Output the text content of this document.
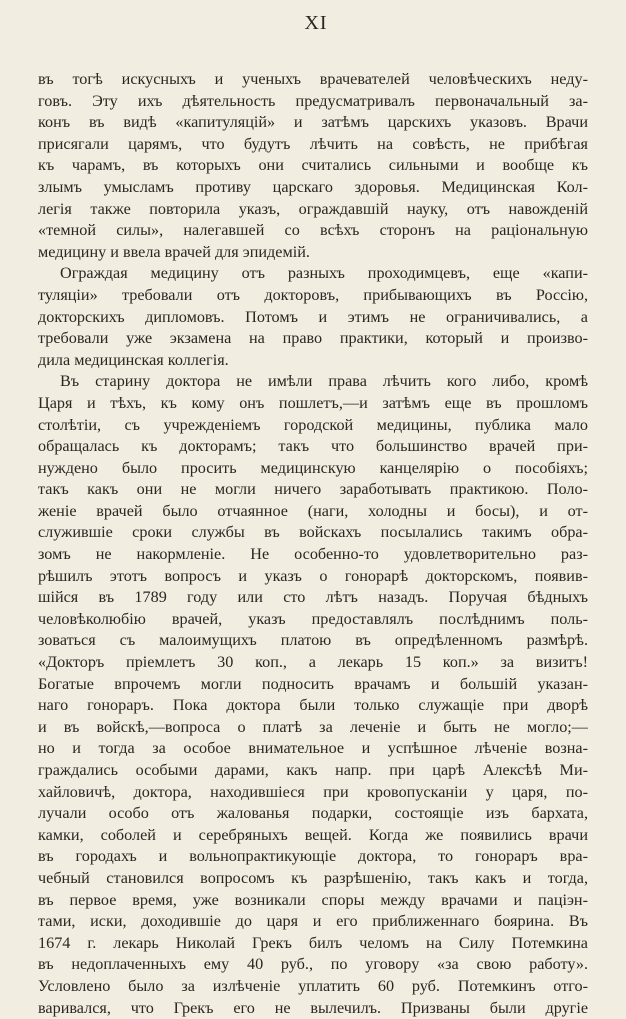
XI

въ тогѣ искусныхъ и ученыхъ врачевателей человѣческихъ неду-

говъ. Эту ихъ дѣятельность предусматривалъ первоначальный за-

конъ въ видѣ «капитуляцiй» и затѣмъ царскихъ указовъ. Врачи

присягали царямъ, что будутъ лѣчить на совѣсть, не прибѣгая

къ чарамъ, въ которыхъ они считались сильными и вообще къ

злымъ умысламъ противу царскаго здоровья. Медицинская Кол-

легiя также повторила указъ, ограждавшiй науку, отъ навожденiй

«темной силы», налегавшей со всѣхъ сторонъ на рацiональную

медицину и ввела врачей для эпидемiй.

Ограждая медицину отъ разныхъ проходимцевъ, еще «капи-

туляцiи» требовали отъ докторовъ, прибывающихъ въ Россiю,

докторскихъ дипломовъ. Потомъ и этимъ не ограничивались, а

требовали уже экзамена на право практики, который и произво-

дила медицинская коллегiя.

Въ старину доктора не имѣли права лѣчить кого либо, кромѣ

Царя и тѣхъ, къ кому онъ пошлетъ,—и затѣмъ еще въ прошломъ

столѣтiи, съ учрежденiемъ городской медицины, публика мало

обращалась къ докторамъ; такъ что большинство врачей при-

нуждено было просить медицинскую канцелярiю о пособiяхъ;

такъ какъ они не могли ничего заработывать практикою. Поло-

женiе врачей было отчаянное (наги, холодны и босы), и от-

служившiе сроки службы въ войскахъ посылались такимъ обра-

зомъ не накормленiе. Не особенно-то удовлетворительно раз-

рѣшилъ этотъ вопросъ и указъ о гонорарѣ докторскомъ, появив-

шiйся въ 1789 году или сто лѣтъ назадъ. Поручая бѣдныхъ

человѣколюбiю врачей, указъ предоставлялъ послѣднимъ поль-

зоваться съ малоимущихъ платою въ опредѣленномъ размѣрѣ.

«Докторъ прiемлетъ 30 коп., а лекарь 15 коп.» за визитъ!

Богатые впрочемъ могли подносить врачамъ и большiй указан-

наго гонораръ. Пока доктора были только служащiе при дворѣ

и въ войскѣ,—вопроса о платѣ за леченiе и быть не могло;—

но и тогда за особое внимательное и успѣшное лѣченiе возна-

граждались особыми дарами, какъ напр. при царѣ Алексѣѣ Ми-

хайловичѣ, доктора, находившiеся при кровопусканiи у царя, по-

лучали особо отъ жалованья подарки, состоящiе изъ бархата,

камки, соболей и серебряныхъ вещей. Когда же появились врачи

въ городахъ и вольнопрактикующiе доктора, то гонораръ вра-

чебный становился вопросомъ къ разрѣшенiю, такъ какъ и тогда,

въ первое время, уже возникали споры между врачами и пацiэн-

тами, иски, доходившiе до царя и его приближеннаго боярина. Въ

1674 г. лекарь Николай Грекъ билъ челомъ на Силу Потемкина

въ недоплаченныхъ ему 40 руб., по уговору «за свою работу».

Условлено было за излѣченiе уплатить 60 руб. Потемкинъ отго-

варивался, что Грекъ его не вылечилъ. Призваны были другiе
